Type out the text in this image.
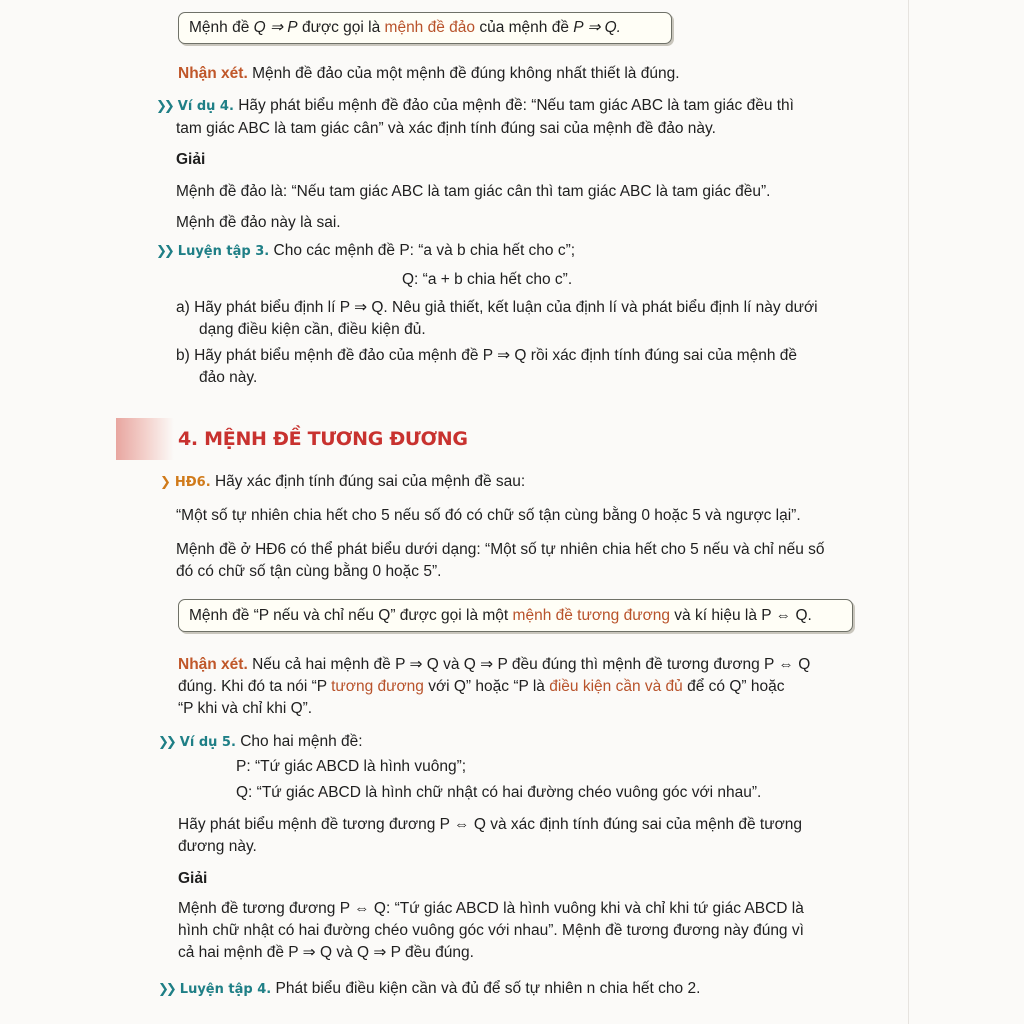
Mệnh đề Q ⇒ P được gọi là mệnh đề đảo của mệnh đề P ⇒ Q.
Nhận xét. Mệnh đề đảo của một mệnh đề đúng không nhất thiết là đúng.
❯❯ Ví dụ 4. Hãy phát biểu mệnh đề đảo của mệnh đề: “Nếu tam giác ABC là tam giác đều thì
tam giác ABC là tam giác cân” và xác định tính đúng sai của mệnh đề đảo này.
Giải
Mệnh đề đảo là: “Nếu tam giác ABC là tam giác cân thì tam giác ABC là tam giác đều”.
Mệnh đề đảo này là sai.
❯❯ Luyện tập 3. Cho các mệnh đề P: “a và b chia hết cho c”;
Q: “a + b chia hết cho c”.
a) Hãy phát biểu định lí P ⇒ Q. Nêu giả thiết, kết luận của định lí và phát biểu định lí này dưới
dạng điều kiện cần, điều kiện đủ.
b) Hãy phát biểu mệnh đề đảo của mệnh đề P ⇒ Q rồi xác định tính đúng sai của mệnh đề
đảo này.
4. MỆNH ĐỀ TƯƠNG ĐƯƠNG
❯ HĐ6. Hãy xác định tính đúng sai của mệnh đề sau:
“Một số tự nhiên chia hết cho 5 nếu số đó có chữ số tận cùng bằng 0 hoặc 5 và ngược lại”.
Mệnh đề ở HĐ6 có thể phát biểu dưới dạng: “Một số tự nhiên chia hết cho 5 nếu và chỉ nếu số
đó có chữ số tận cùng bằng 0 hoặc 5”.
Mệnh đề “P nếu và chỉ nếu Q” được gọi là một mệnh đề tương đương và kí hiệu là P ⇔ Q.
Nhận xét. Nếu cả hai mệnh đề P ⇒ Q và Q ⇒ P đều đúng thì mệnh đề tương đương P ⇔ Q
đúng. Khi đó ta nói “P tương đương với Q” hoặc “P là điều kiện cần và đủ để có Q” hoặc
“P khi và chỉ khi Q”.
❯❯ Ví dụ 5. Cho hai mệnh đề:
P: “Tứ giác ABCD là hình vuông”;
Q: “Tứ giác ABCD là hình chữ nhật có hai đường chéo vuông góc với nhau”.
Hãy phát biểu mệnh đề tương đương P ⇔ Q và xác định tính đúng sai của mệnh đề tương
đương này.
Giải
Mệnh đề tương đương P ⇔ Q: “Tứ giác ABCD là hình vuông khi và chỉ khi tứ giác ABCD là
hình chữ nhật có hai đường chéo vuông góc với nhau”. Mệnh đề tương đương này đúng vì
cả hai mệnh đề P ⇒ Q và Q ⇒ P đều đúng.
❯❯ Luyện tập 4. Phát biểu điều kiện cần và đủ để số tự nhiên n chia hết cho 2.
